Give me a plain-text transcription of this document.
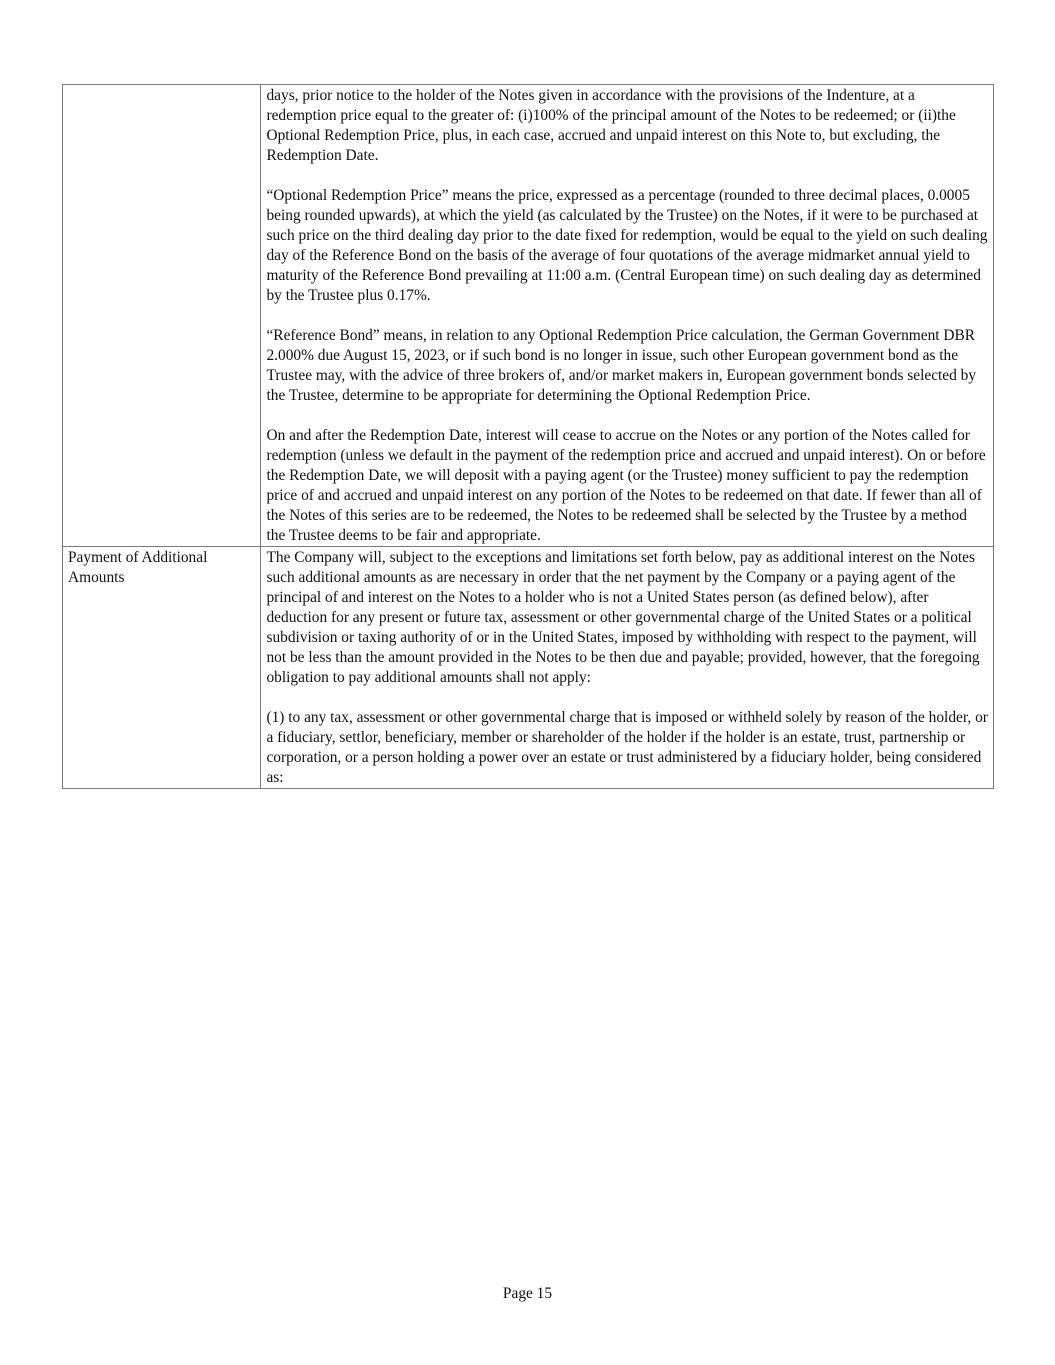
	days, prior notice to the holder of the Notes given in accordance with the provisions of the Indenture, at a redemption price equal to the greater of: (i)100% of the principal amount of the Notes to be redeemed; or (ii)the Optional Redemption Price, plus, in each case, accrued and unpaid interest on this Note to, but excluding, the Redemption Date.

“Optional Redemption Price” means the price, expressed as a percentage (rounded to three decimal places, 0.0005 being rounded upwards), at which the yield (as calculated by the Trustee) on the Notes, if it were to be purchased at such price on the third dealing day prior to the date fixed for redemption, would be equal to the yield on such dealing day of the Reference Bond on the basis of the average of four quotations of the average midmarket annual yield to maturity of the Reference Bond prevailing at 11:00 a.m. (Central European time) on such dealing day as determined by the Trustee plus 0.17%.

“Reference Bond” means, in relation to any Optional Redemption Price calculation, the German Government DBR 2.000% due August 15, 2023, or if such bond is no longer in issue, such other European government bond as the Trustee may, with the advice of three brokers of, and/or market makers in, European government bonds selected by the Trustee, determine to be appropriate for determining the Optional Redemption Price.

On and after the Redemption Date, interest will cease to accrue on the Notes or any portion of the Notes called for redemption (unless we default in the payment of the redemption price and accrued and unpaid interest). On or before the Redemption Date, we will deposit with a paying agent (or the Trustee) money sufficient to pay the redemption price of and accrued and unpaid interest on any portion of the Notes to be redeemed on that date. If fewer than all of the Notes of this series are to be redeemed, the Notes to be redeemed shall be selected by the Trustee by a method the Trustee deems to be fair and appropriate.
Payment of Additional Amounts	The Company will, subject to the exceptions and limitations set forth below, pay as additional interest on the Notes such additional amounts as are necessary in order that the net payment by the Company or a paying agent of the principal of and interest on the Notes to a holder who is not a United States person (as defined below), after deduction for any present or future tax, assessment or other governmental charge of the United States or a political subdivision or taxing authority of or in the United States, imposed by withholding with respect to the payment, will not be less than the amount provided in the Notes to be then due and payable; provided, however, that the foregoing obligation to pay additional amounts shall not apply:

(1) to any tax, assessment or other governmental charge that is imposed or withheld solely by reason of the holder, or a fiduciary, settlor, beneficiary, member or shareholder of the holder if the holder is an estate, trust, partnership or corporation, or a person holding a power over an estate or trust administered by a fiduciary holder, being considered as:
Page 15
